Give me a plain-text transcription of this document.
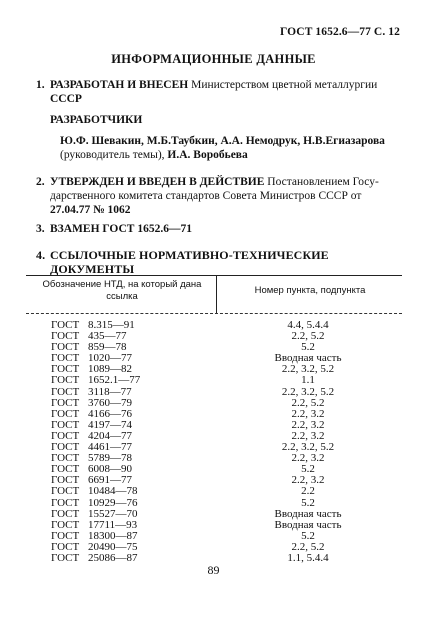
ГОСТ 1652.6—77 С. 12
ИНФОРМАЦИОННЫЕ ДАННЫЕ
1. РАЗРАБОТАН И ВНЕСЕН Министерством цветной металлургии
СССР
РАЗРАБОТЧИКИ
Ю.Ф. Шевакин, М.Б.Таубкин, А.А. Немодрук, Н.В.Егиазарова
(руководитель темы), И.А. Воробьева
2. УТВЕРЖДЕН И ВВЕДЕН В ДЕЙСТВИЕ Постановлением Госу-
дарственного комитета стандартов Совета Министров СССР от
27.04.77 № 1062
3. ВЗАМЕН ГОСТ 1652.6—71
4. ССЫЛОЧНЫЕ НОРМАТИВНО-ТЕХНИЧЕСКИЕ ДОКУМЕНТЫ
Обозначение НТД, на который дана ссылка
Номер пункта, подпункта
ГОСТ 8.315—91	4.4, 5.4.4
ГОСТ 435—77	2.2, 5.2
ГОСТ 859—78	5.2
ГОСТ 1020—77	Вводная часть
ГОСТ 1089—82	2.2, 3.2, 5.2
ГОСТ 1652.1—77	1.1
ГОСТ 3118—77	2.2, 3.2, 5.2
ГОСТ 3760—79	2.2, 5.2
ГОСТ 4166—76	2.2, 3.2
ГОСТ 4197—74	2.2, 3.2
ГОСТ 4204—77	2.2, 3.2
ГОСТ 4461—77	2.2, 3.2, 5.2
ГОСТ 5789—78	2.2, 3.2
ГОСТ 6008—90	5.2
ГОСТ 6691—77	2.2, 3.2
ГОСТ 10484—78	2.2
ГОСТ 10929—76	5.2
ГОСТ 15527—70	Вводная часть
ГОСТ 17711—93	Вводная часть
ГОСТ 18300—87	5.2
ГОСТ 20490—75	2.2, 5.2
ГОСТ 25086—87	1.1, 5.4.4
89
